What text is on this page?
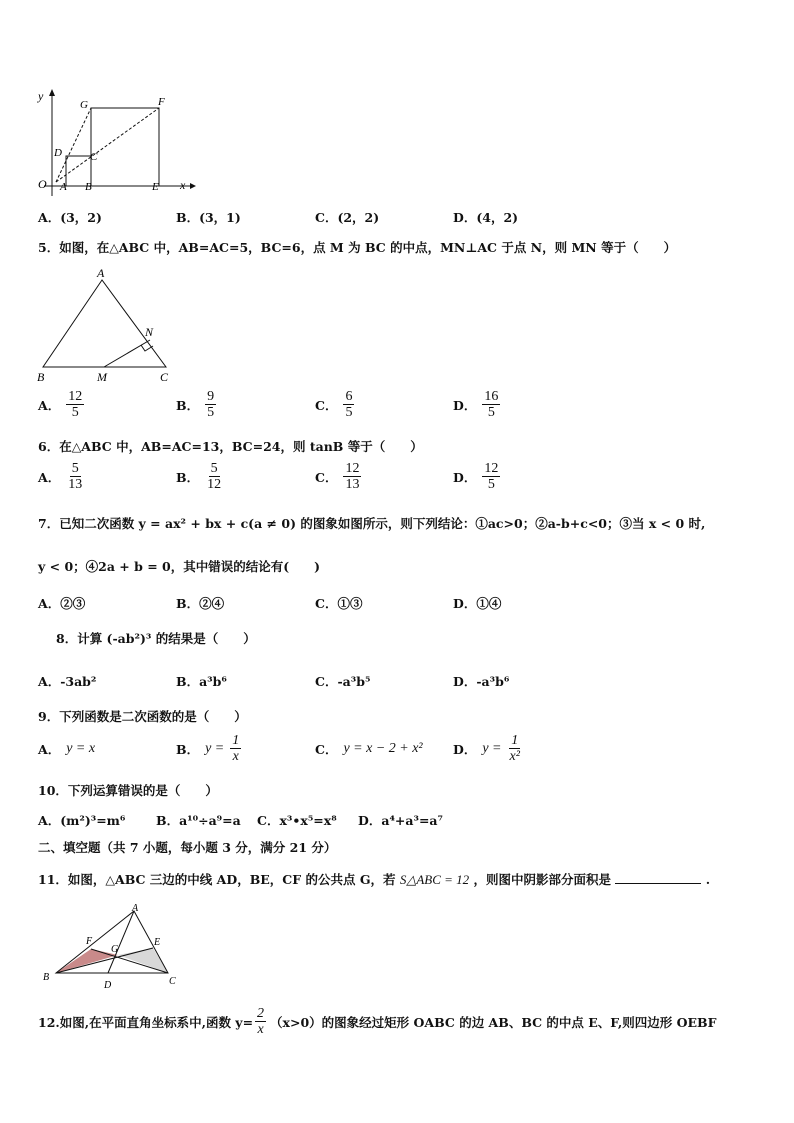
y
x
O A B	E
D	C
G	F
A．(3，2)	B．(3，1)	C．(2，2)	D．(4，2)
5．如图，在△ABC 中，AB=AC=5，BC=6，点 M 为 BC 的中点，MN⊥AC 于点 N，则 MN 等于（　　）
A
N
B	M	C
A． $\frac{12}{5}$	B． $\frac{9}{5}$	C． $\frac{6}{5}$	D． $\frac{16}{5}$
6．在△ABC 中，AB=AC=13，BC=24，则 tanB 等于（　　）
A． $\frac{5}{13}$	B． $\frac{5}{12}$	C． $\frac{12}{13}$	D． $\frac{12}{5}$
7．已知二次函数 y = ax² + bx + c(a ≠ 0) 的图象如图所示，则下列结论：①ac>0；②a-b+c<0；③当 x < 0 时,
y < 0；④2a + b = 0，其中错误的结论有(　　)
A．②③	B．②④	C．①③	D．①④
8．计算 (-ab²)³ 的结果是（　　）
A．-3ab²	B．a³b⁶	C．-a³b⁵	D．-a³b⁶
9．下列函数是二次函数的是（　　）
A． y = x	B． $y = \frac{1}{x}$	C． y = x − 2 + x² D． $y = \frac{1}{\text{x²}}$
10．下列运算错误的是（　　）
A．(m²)³=m⁶ B．a¹⁰÷a⁹=a C．x³•x⁵=x⁸ D．a⁴+a³=a⁷
二、填空题（共 7 小题，每小题 3 分，满分 21 分）
11．如图，△ABC 三边的中线 AD，BE，CF 的公共点 G，若 S△ABC = 12 ，则图中阴影部分面积是	.
A
F
G
E
B
D	C
12.如图,在平面直角坐标系中,函数 $y= \frac{2}{x} (x>0)$的图象经过矩形 OABC 的边 AB、BC 的中点 E、F,则四边形 OEBF
